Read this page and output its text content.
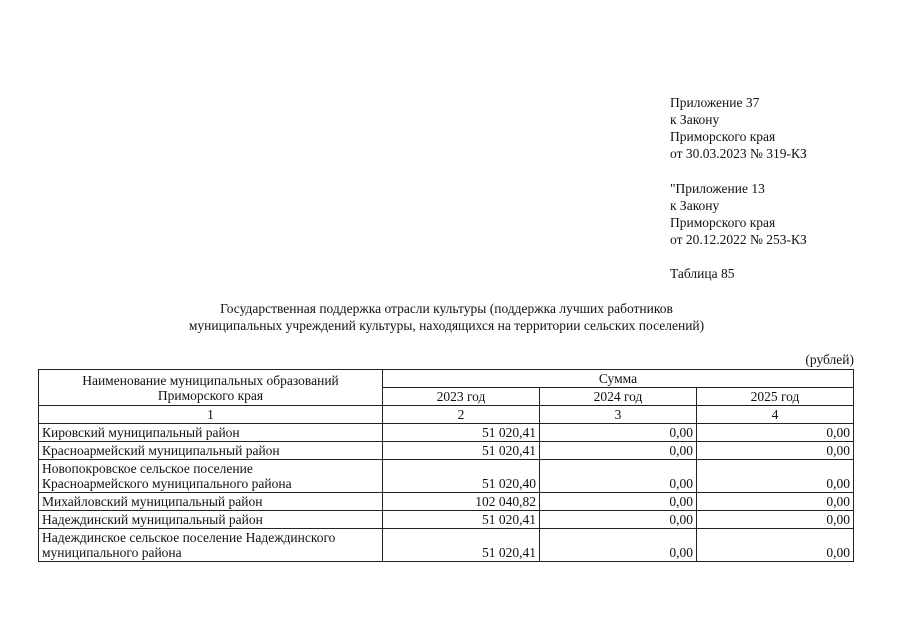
Приложение 37
к Закону
Приморского края
от 30.03.2023 № 319-КЗ
"Приложение 13
к Закону
Приморского края
от 20.12.2022 № 253-КЗ
Таблица 85
Государственная поддержка отрасли культуры (поддержка лучших работников
муниципальных учреждений культуры, находящихся на территории сельских поселений)
(рублей)
Наименование муниципальных образований
Приморского края	Сумма		
	2023 год	2024 год	2025 год
1	2	3	4

Кировский муниципальный район	51 020,41	0,00	0,00

Красноармейский муниципальный район	51 020,41	0,00	0,00

Новопокровское сельское поселение
Красноармейского муниципального района	51 020,40	0,00	0,00

Михайловский муниципальный район	102 040,82	0,00	0,00

Надеждинский муниципальный район	51 020,41	0,00	0,00

Надеждинское сельское поселение Надеждинского
муниципального района	51 020,41	0,00	0,00
